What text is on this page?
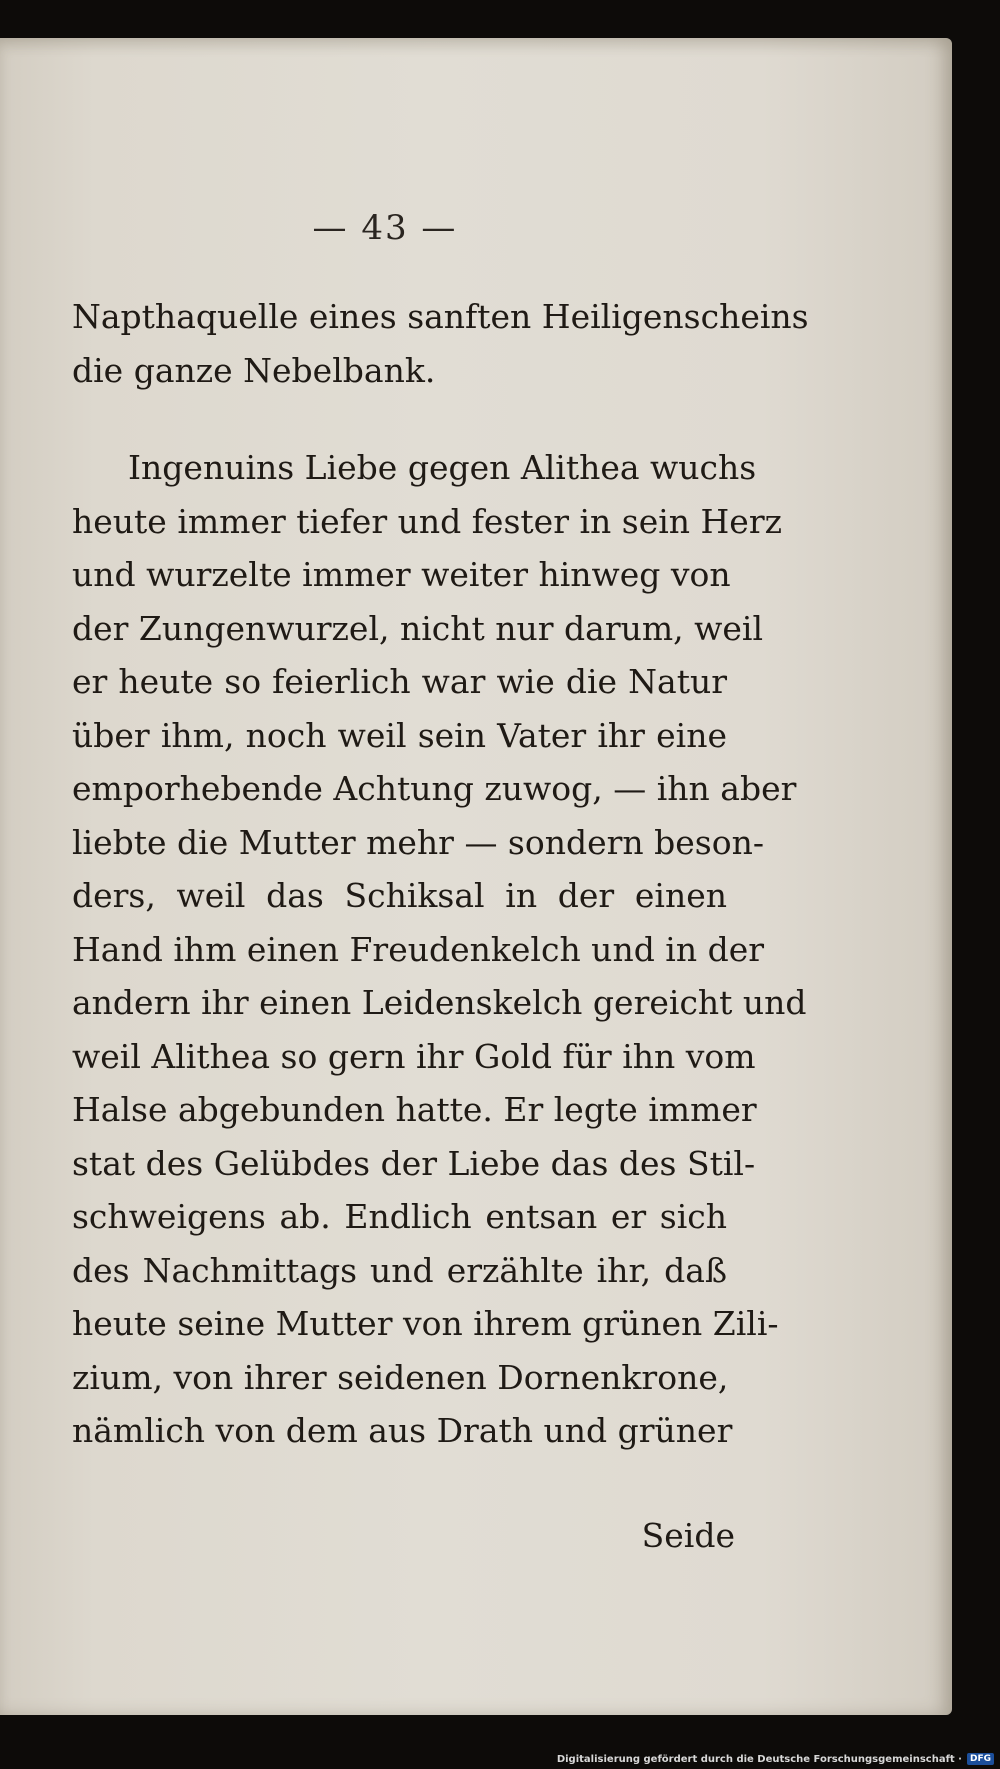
— 43 —
Napthaquelle eines sanften Heiligenscheins
die ganze Nebelbank.
Ingenuins Liebe gegen Alithea wuchs
heute immer tiefer und fester in sein Herz
und wurzelte immer weiter hinweg von
der Zungenwurzel, nicht nur darum, weil
er heute so feierlich war wie die Natur
über ihm, noch weil sein Vater ihr eine
emporhebende Achtung zuwog, — ihn aber
liebte die Mutter mehr — sondern beson-
ders, weil das Schiksal in der einen
Hand ihm einen Freudenkelch und in der
andern ihr einen Leidenskelch gereicht und
weil Alithea so gern ihr Gold für ihn vom
Halse abgebunden hatte. Er legte immer
stat des Gelübdes der Liebe das des Stil-
schweigens ab. Endlich entsan er sich
des Nachmittags und erzählte ihr, daß
heute seine Mutter von ihrem grünen Zili-
zium, von ihrer seidenen Dornenkrone,
nämlich von dem aus Drath und grüner
Seide
Digitalisierung gefördert durch die Deutsche Forschungsgemeinschaft · DFG
